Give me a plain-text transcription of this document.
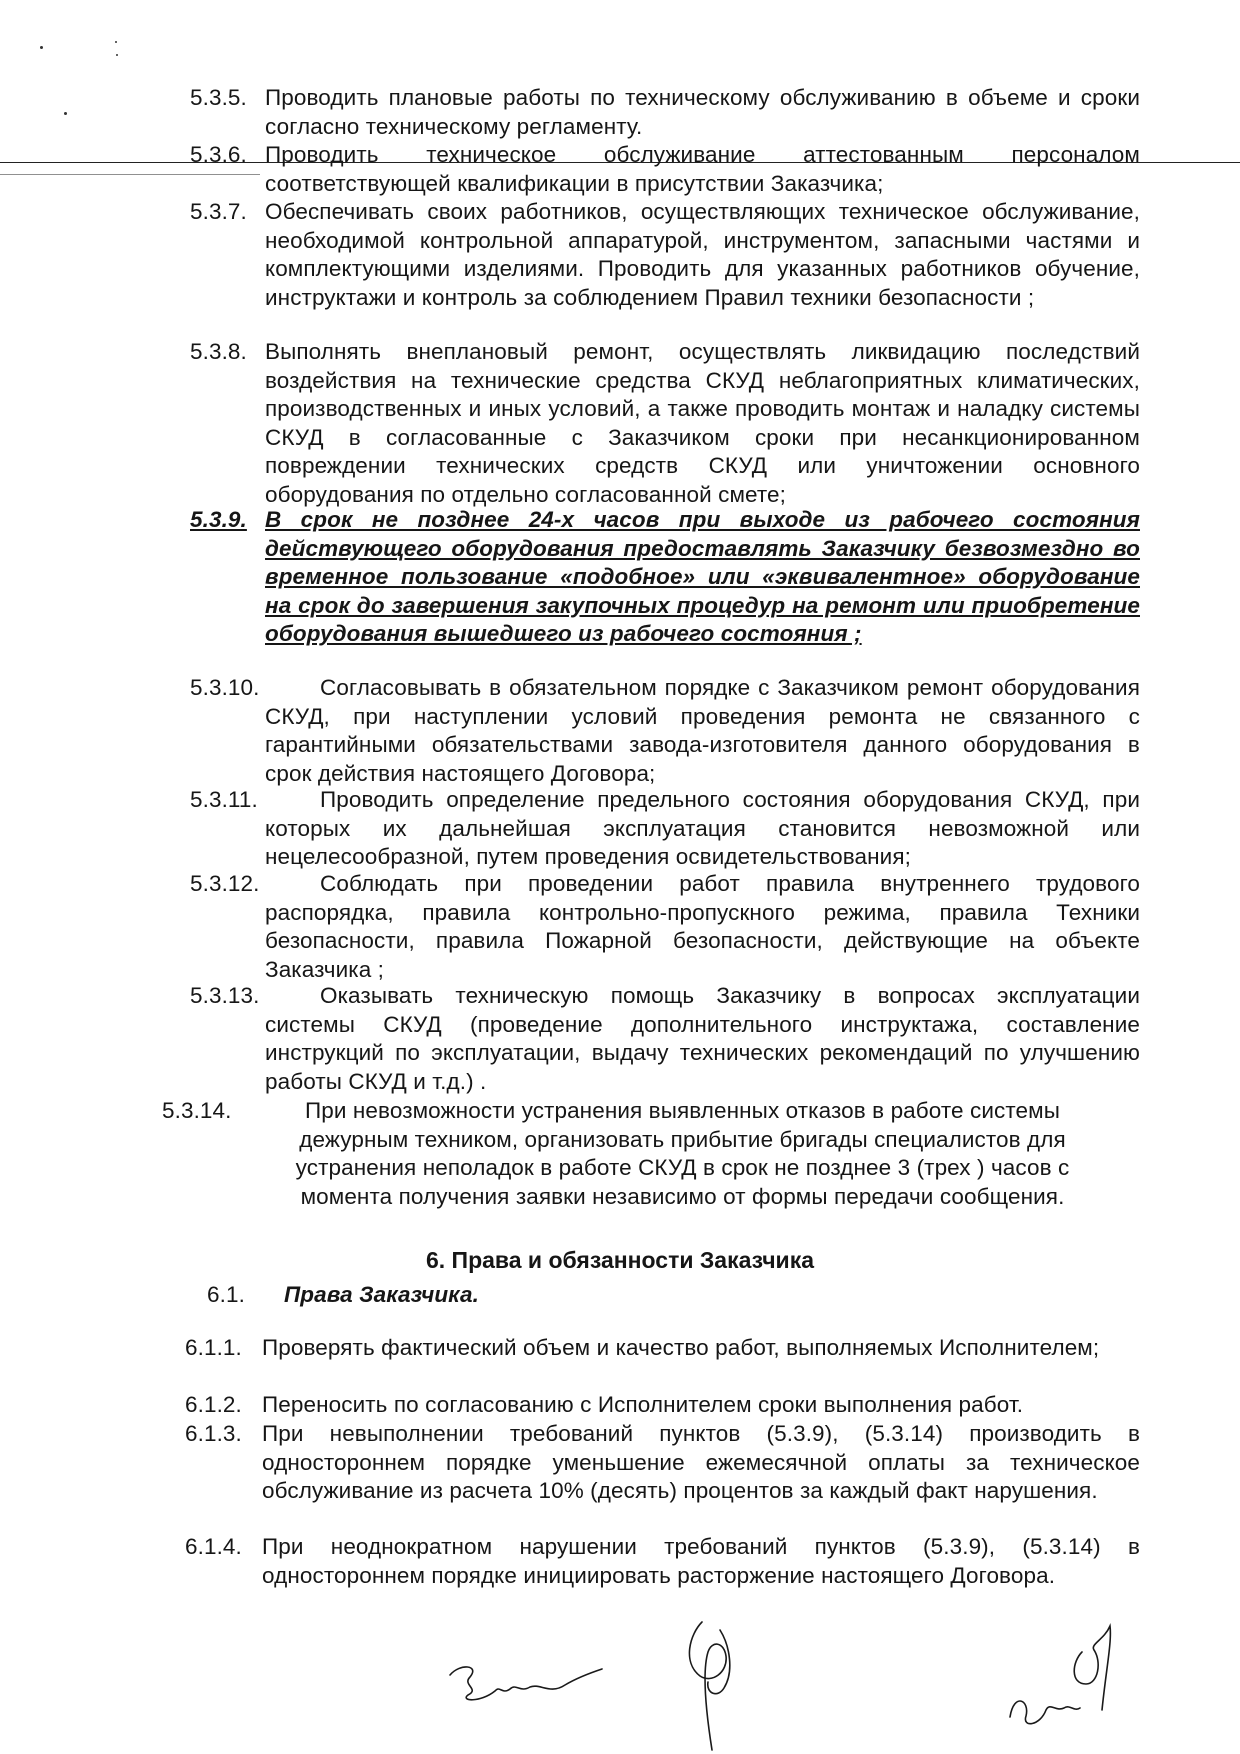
5.3.5. Проводить плановые работы по техническому обслуживанию в объеме и сроки согласно техническому регламенту.
5.3.6. Проводить техническое обслуживание аттестованным персоналом соответствующей квалификации в присутствии Заказчика;
5.3.7. Обеспечивать своих работников, осуществляющих техническое обслуживание, необходимой контрольной аппаратурой, инструментом, запасными частями и комплектующими изделиями. Проводить для указанных работников обучение, инструктажи и контроль за соблюдением Правил техники безопасности ;
5.3.8. Выполнять внеплановый ремонт, осуществлять ликвидацию последствий воздействия на технические средства СКУД неблагоприятных климатических, производственных и иных условий, а также проводить монтаж и наладку системы СКУД в согласованные с Заказчиком сроки при несанкционированном повреждении технических средств СКУД или уничтожении основного оборудования по отдельно согласованной смете;
5.3.9. В срок не позднее 24-х часов при выходе из рабочего состояния действующего оборудования предоставлять Заказчику безвозмездно во временное пользование «подобное» или «эквивалентное» оборудование на срок до завершения закупочных процедур на ремонт или приобретение оборудования вышедшего из рабочего состояния ;
5.3.10.	Согласовывать в обязательном порядке с Заказчиком ремонт оборудования СКУД, при наступлении условий проведения ремонта не связанного с гарантийными обязательствами завода-изготовителя данного оборудования в срок действия настоящего Договора;
5.3.11.	Проводить определение предельного состояния оборудования СКУД, при которых их дальнейшая эксплуатация становится невозможной или нецелесообразной, путем проведения освидетельствования;
5.3.12.	Соблюдать при проведении работ правила внутреннего трудового распорядка, правила контрольно-пропускного режима, правила Техники безопасности, правила Пожарной безопасности, действующие на объекте Заказчика ;
5.3.13.	Оказывать техническую помощь Заказчику в вопросах эксплуатации системы СКУД (проведение дополнительного инструктажа, составление инструкций по эксплуатации, выдачу технических рекомендаций по улучшению работы СКУД и т.д.) .
5.3.14.	При невозможности устранения выявленных отказов в работе системы дежурным техником, организовать прибытие бригады специалистов для устранения неполадок в работе СКУД в срок не позднее 3 (трех ) часов с момента получения заявки независимо от формы передачи сообщения.
6. Права и обязанности Заказчика
6.1. Права Заказчика.
6.1.1. Проверять фактический объем и качество работ, выполняемых Исполнителем;
6.1.2. Переносить по согласованию с Исполнителем сроки выполнения работ.
6.1.3. При невыполнении требований пунктов (5.3.9), (5.3.14) производить в одностороннем порядке уменьшение ежемесячной оплаты за техническое обслуживание из расчета 10% (десять) процентов за каждый факт нарушения.
6.1.4. При неоднократном нарушении требований пунктов (5.3.9), (5.3.14) в одностороннем порядке инициировать расторжение настоящего Договора.
